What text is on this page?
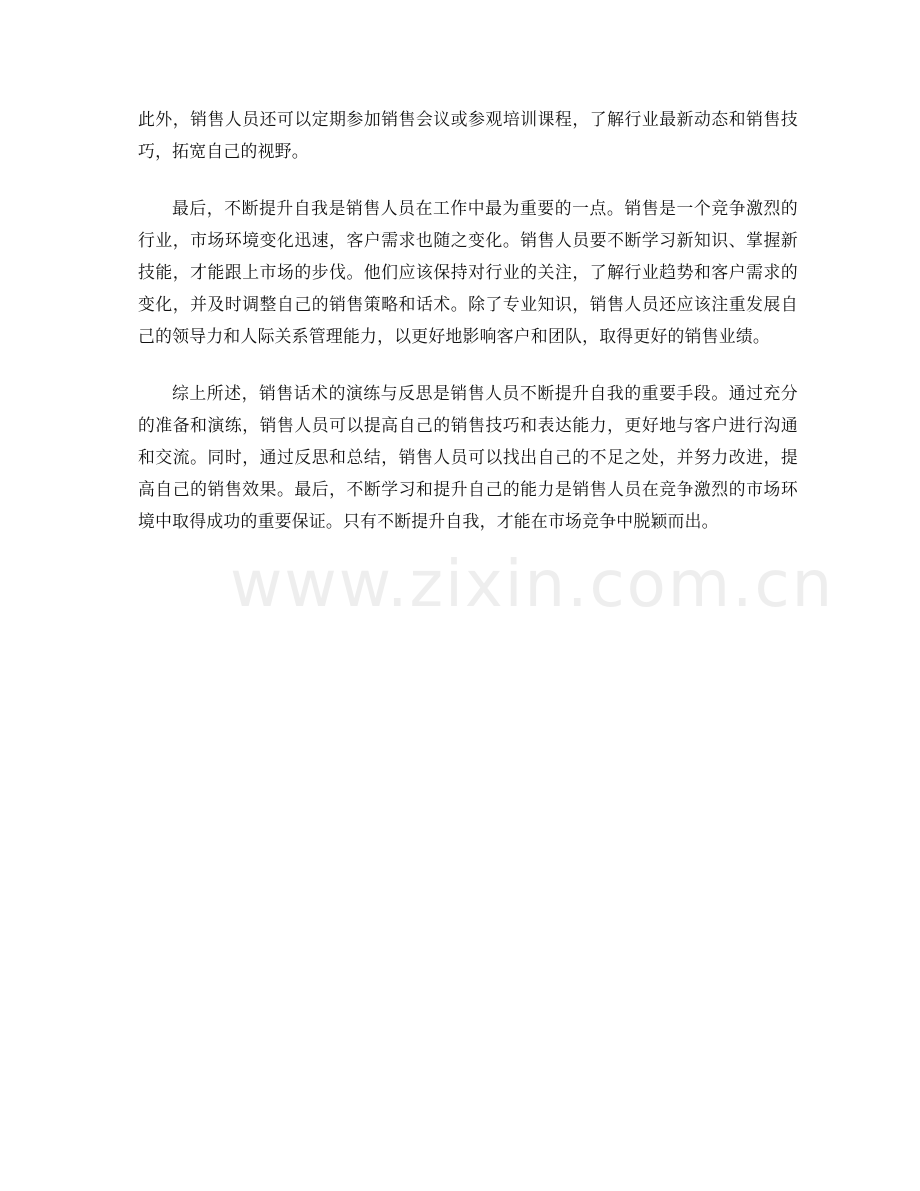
此外，销售人员还可以定期参加销售会议或参观培训课程，了解行业最新动态和销售技巧，拓宽自己的视野。

最后，不断提升自我是销售人员在工作中最为重要的一点。销售是一个竞争激烈的行业，市场环境变化迅速，客户需求也随之变化。销售人员要不断学习新知识、掌握新技能，才能跟上市场的步伐。他们应该保持对行业的关注，了解行业趋势和客户需求的变化，并及时调整自己的销售策略和话术。除了专业知识，销售人员还应该注重发展自己的领导力和人际关系管理能力，以更好地影响客户和团队，取得更好的销售业绩。

综上所述，销售话术的演练与反思是销售人员不断提升自我的重要手段。通过充分的准备和演练，销售人员可以提高自己的销售技巧和表达能力，更好地与客户进行沟通和交流。同时，通过反思和总结，销售人员可以找出自己的不足之处，并努力改进，提高自己的销售效果。最后，不断学习和提升自己的能力是销售人员在竞争激烈的市场环境中取得成功的重要保证。只有不断提升自我，才能在市场竞争中脱颖而出。

www.zixin.com.cn
